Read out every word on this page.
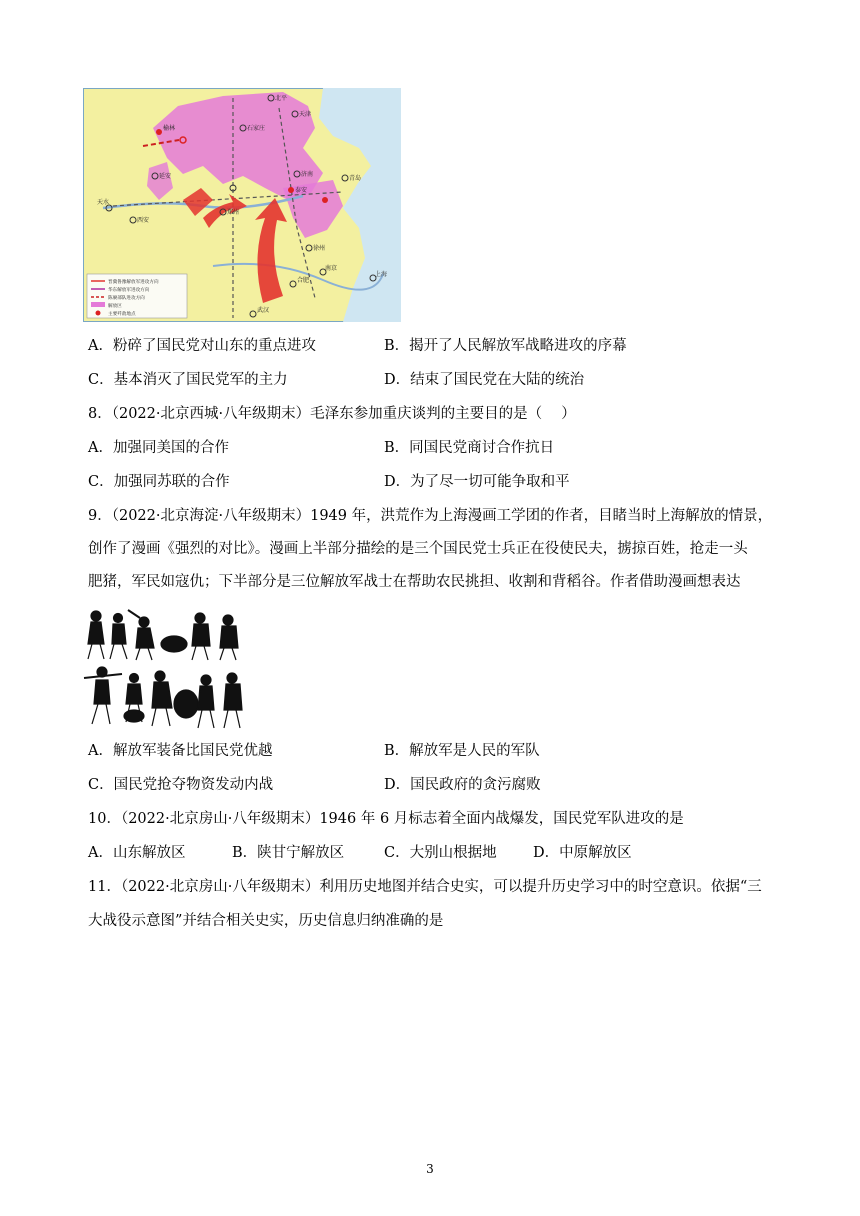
榆林
延安
石家庄
天津
北平
济南
青岛
泰安
郑州
西安
天水
徐州
南京
合肥
武汉
上海
晋冀鲁豫解放军进攻方向
华东解放军进攻方向
陈赓部队进攻方向
解放区
主要歼敌地点
A．粉碎了国民党对山东的重点进攻	B．揭开了人民解放军战略进攻的序幕
C．基本消灭了国民党军的主力	D．结束了国民党在大陆的统治
8．（2022·北京西城·八年级期末）毛泽东参加重庆谈判的主要目的是（　 ）
A．加强同美国的合作	B．同国民党商讨合作抗日
C．加强同苏联的合作	D．为了尽一切可能争取和平
9．（2022·北京海淀·八年级期末）1949 年，洪荒作为上海漫画工学团的作者，目睹当时上海解放的情景，
创作了漫画《强烈的对比》。漫画上半部分描绘的是三个国民党士兵正在役使民夫，掳掠百姓，抢走一头
肥猪，军民如寇仇；下半部分是三位解放军战士在帮助农民挑担、收割和背稻谷。作者借助漫画想表达
A．解放军装备比国民党优越	B．解放军是人民的军队
C．国民党抢夺物资发动内战	D．国民政府的贪污腐败
10．（2022·北京房山·八年级期末）1946 年 6 月标志着全面内战爆发，国民党军队进攻的是
A．山东解放区	B．陕甘宁解放区	C．大别山根据地	D．中原解放区
11．（2022·北京房山·八年级期末）利用历史地图并结合史实，可以提升历史学习中的时空意识。依据“三
大战役示意图”并结合相关史实，历史信息归纳准确的是
3
